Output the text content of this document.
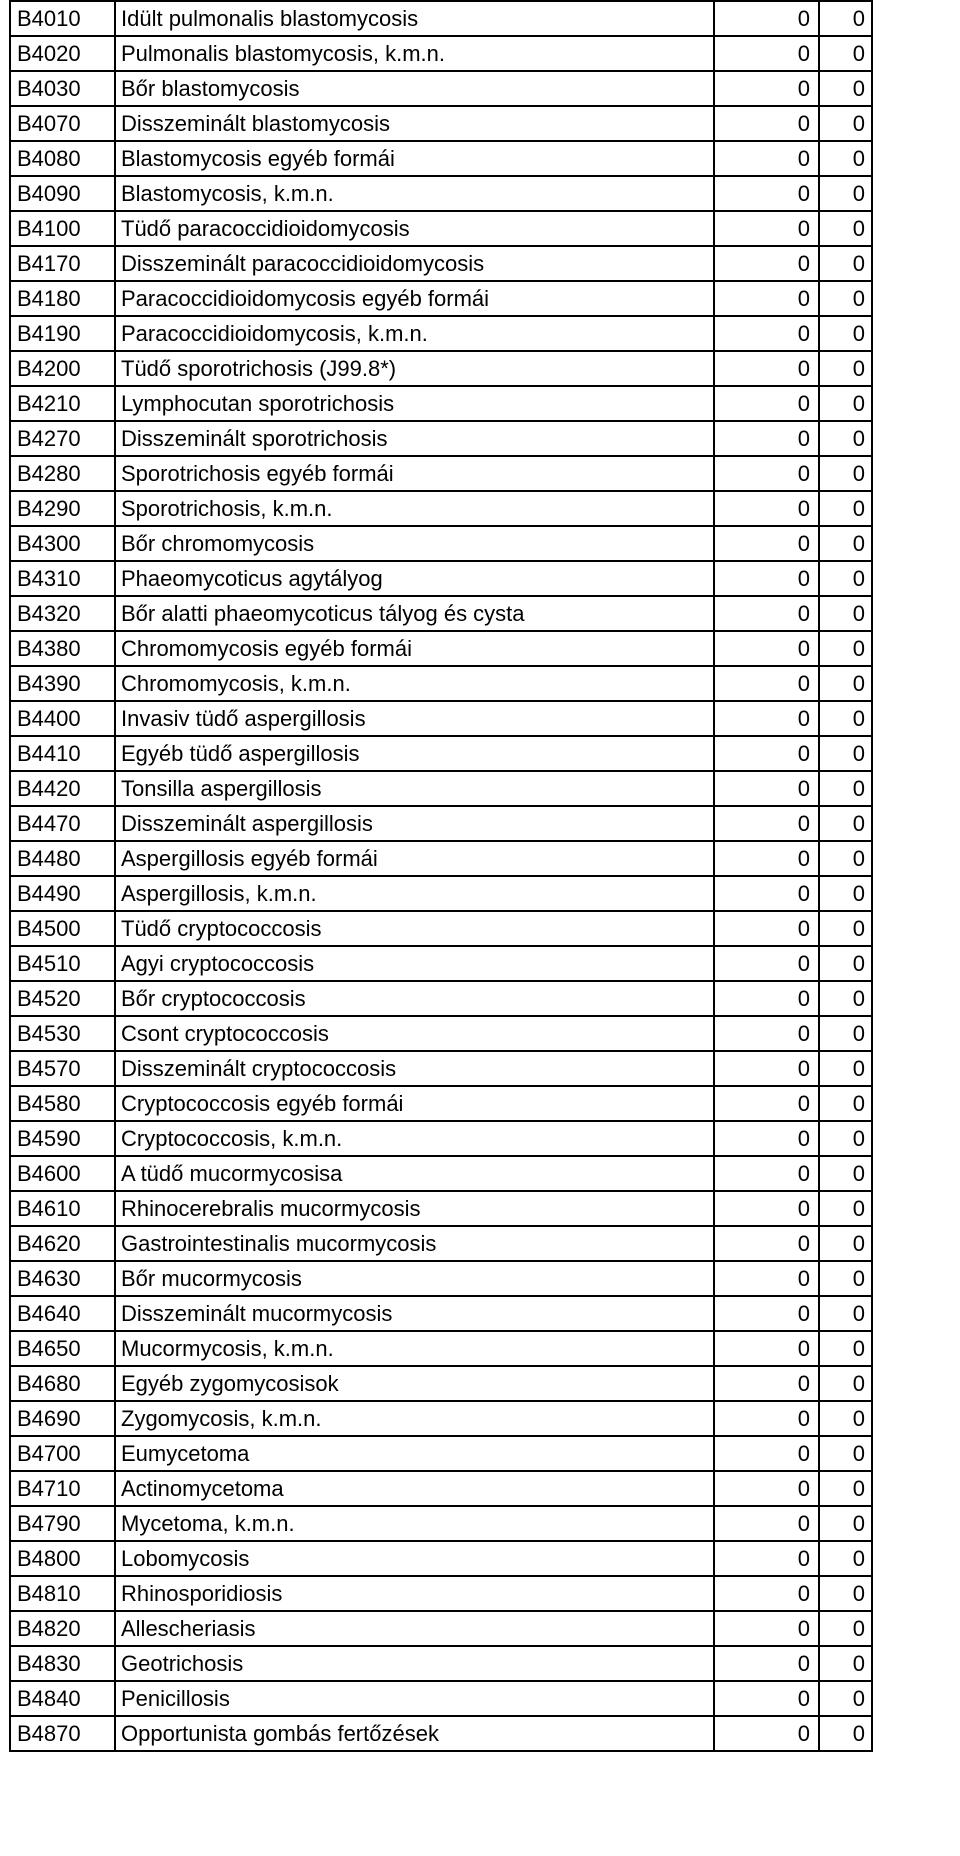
B4010	Idült pulmonalis blastomycosis	0	0
B4020	Pulmonalis blastomycosis, k.m.n.	0	0
B4030	Bőr blastomycosis	0	0
B4070	Disszeminált blastomycosis	0	0
B4080	Blastomycosis egyéb formái	0	0
B4090	Blastomycosis, k.m.n.	0	0
B4100	Tüdő paracoccidioidomycosis	0	0
B4170	Disszeminált paracoccidioidomycosis	0	0
B4180	Paracoccidioidomycosis egyéb formái	0	0
B4190	Paracoccidioidomycosis, k.m.n.	0	0
B4200	Tüdő sporotrichosis (J99.8*)	0	0
B4210	Lymphocutan sporotrichosis	0	0
B4270	Disszeminált sporotrichosis	0	0
B4280	Sporotrichosis egyéb formái	0	0
B4290	Sporotrichosis, k.m.n.	0	0
B4300	Bőr chromomycosis	0	0
B4310	Phaeomycoticus agytályog	0	0
B4320	Bőr alatti phaeomycoticus tályog és cysta	0	0
B4380	Chromomycosis egyéb formái	0	0
B4390	Chromomycosis, k.m.n.	0	0
B4400	Invasiv tüdő aspergillosis	0	0
B4410	Egyéb tüdő aspergillosis	0	0
B4420	Tonsilla aspergillosis	0	0
B4470	Disszeminált aspergillosis	0	0
B4480	Aspergillosis egyéb formái	0	0
B4490	Aspergillosis, k.m.n.	0	0
B4500	Tüdő cryptococcosis	0	0
B4510	Agyi cryptococcosis	0	0
B4520	Bőr cryptococcosis	0	0
B4530	Csont cryptococcosis	0	0
B4570	Disszeminált cryptococcosis	0	0
B4580	Cryptococcosis egyéb formái	0	0
B4590	Cryptococcosis, k.m.n.	0	0
B4600	A tüdő mucormycosisa	0	0
B4610	Rhinocerebralis mucormycosis	0	0
B4620	Gastrointestinalis mucormycosis	0	0
B4630	Bőr mucormycosis	0	0
B4640	Disszeminált mucormycosis	0	0
B4650	Mucormycosis, k.m.n.	0	0
B4680	Egyéb zygomycosisok	0	0
B4690	Zygomycosis, k.m.n.	0	0
B4700	Eumycetoma	0	0
B4710	Actinomycetoma	0	0
B4790	Mycetoma, k.m.n.	0	0
B4800	Lobomycosis	0	0
B4810	Rhinosporidiosis	0	0
B4820	Allescheriasis	0	0
B4830	Geotrichosis	0	0
B4840	Penicillosis	0	0
B4870	Opportunista gombás fertőzések	0	0
